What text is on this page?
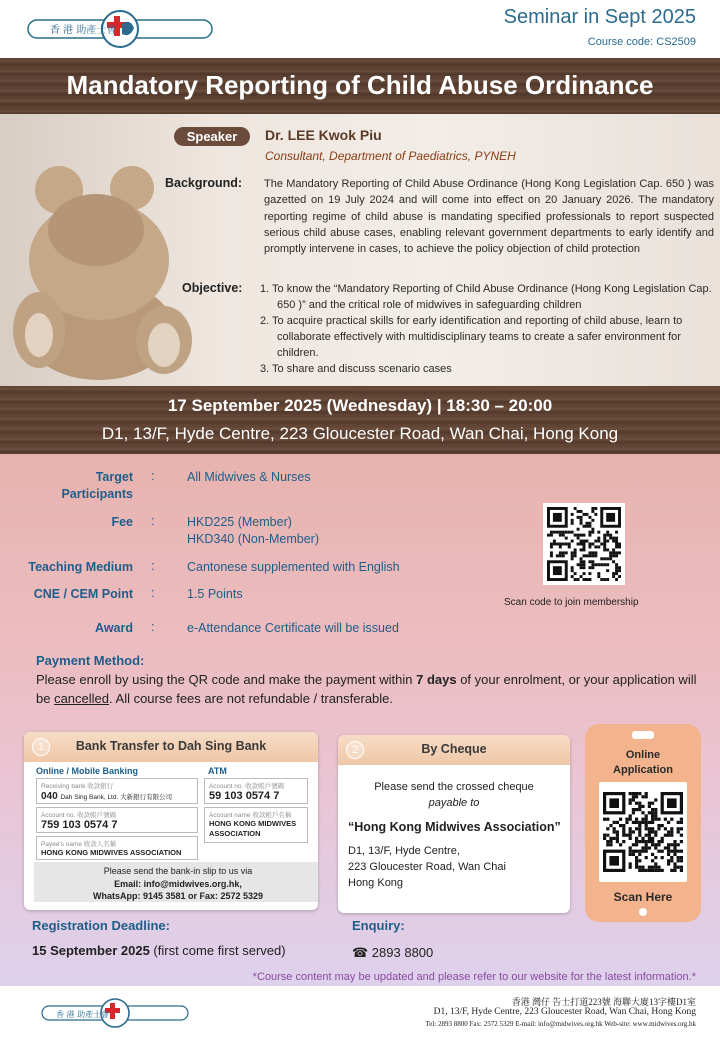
香 港 助產士會
Seminar in Sept 2025
Course code: CS2509
Mandatory Reporting of Child Abuse Ordinance
Speaker	Dr. LEE Kwok Piu
Consultant, Department of Paediatrics, PYNEH
Background: The Mandatory Reporting of Child Abuse Ordinance (Hong Kong Legislation Cap. 650 ) was gazetted on 19 July 2024 and will come into effect on 20 January 2026. The mandatory reporting regime of child abuse is mandating specified professionals to report suspected serious child abuse cases, enabling relevant government departments to early identify and promptly intervene in cases, to achieve the policy objection of child protection
Objective: 1. To know the “Mandatory Reporting of Child Abuse Ordinance (Hong Kong Legislation Cap. 650 )” and the critical role of midwives in safeguarding children
2. To acquire practical skills for early identification and reporting of child abuse, learn to collaborate effectively with multidisciplinary teams to create a safer environment for children.
3. To share and discuss scenario cases
17 September 2025 (Wednesday) | 18:30 – 20:00
D1, 13/F, Hyde Centre, 223 Gloucester Road, Wan Chai, Hong Kong
Target
Participants
:	All Midwives & Nurses
Fee :	HKD225 (Member)
HKD340 (Non-Member)
Teaching Medium :	Cantonese supplemented with English
CNE / CEM Point :	1.5 Points
Award :	e-Attendance Certificate will be issued
Scan code to join membership
Payment Method:
Please enroll by using the QR code and make the payment within 7 days of your enrolment, or your application will be cancelled. All course fees are not refundable / transferable.
1	Bank Transfer to Dah Sing Bank
Online / Mobile Banking	ATM
Receiving bank 收款銀行
040 Dah Sing Bank, Ltd. 大新銀行有限公司
Account no. 收款帳戶號碼
759 103 0574 7
Payee's name 收款人名稱
HONG KONG MIDWIVES ASSOCIATION
Account no. 收款帳戶號碼
59 103 0574 7
Account name 收款帳戶名稱
HONG KONG MIDWIVES
ASSOCIATION
Please send the bank-in slip to us via
Email: info@midwives.org.hk,
WhatsApp: 9145 3581 or Fax: 2572 5329
2	By Cheque
Please send the crossed cheque
payable to
“Hong Kong Midwives Association”
D1, 13/F, Hyde Centre,
223 Gloucester Road, Wan Chai
Hong Kong
Online
Application
Scan Here
Registration Deadline:
15 September 2025 (first come first served)
Enquiry:
☎ 2893 8800
*Course content may be updated and please refer to our website for the latest information.*
香 港 助產士會
香港 灣仔 告士打道223號 海聯大廈13字樓D1室
D1, 13/F, Hyde Centre, 223 Gloucester Road, Wan Chai, Hong Kong
Tel: 2893 8800 Fax: 2572 5329 E-mail: info@midwives.org.hk Web-site: www.midwives.org.hk
